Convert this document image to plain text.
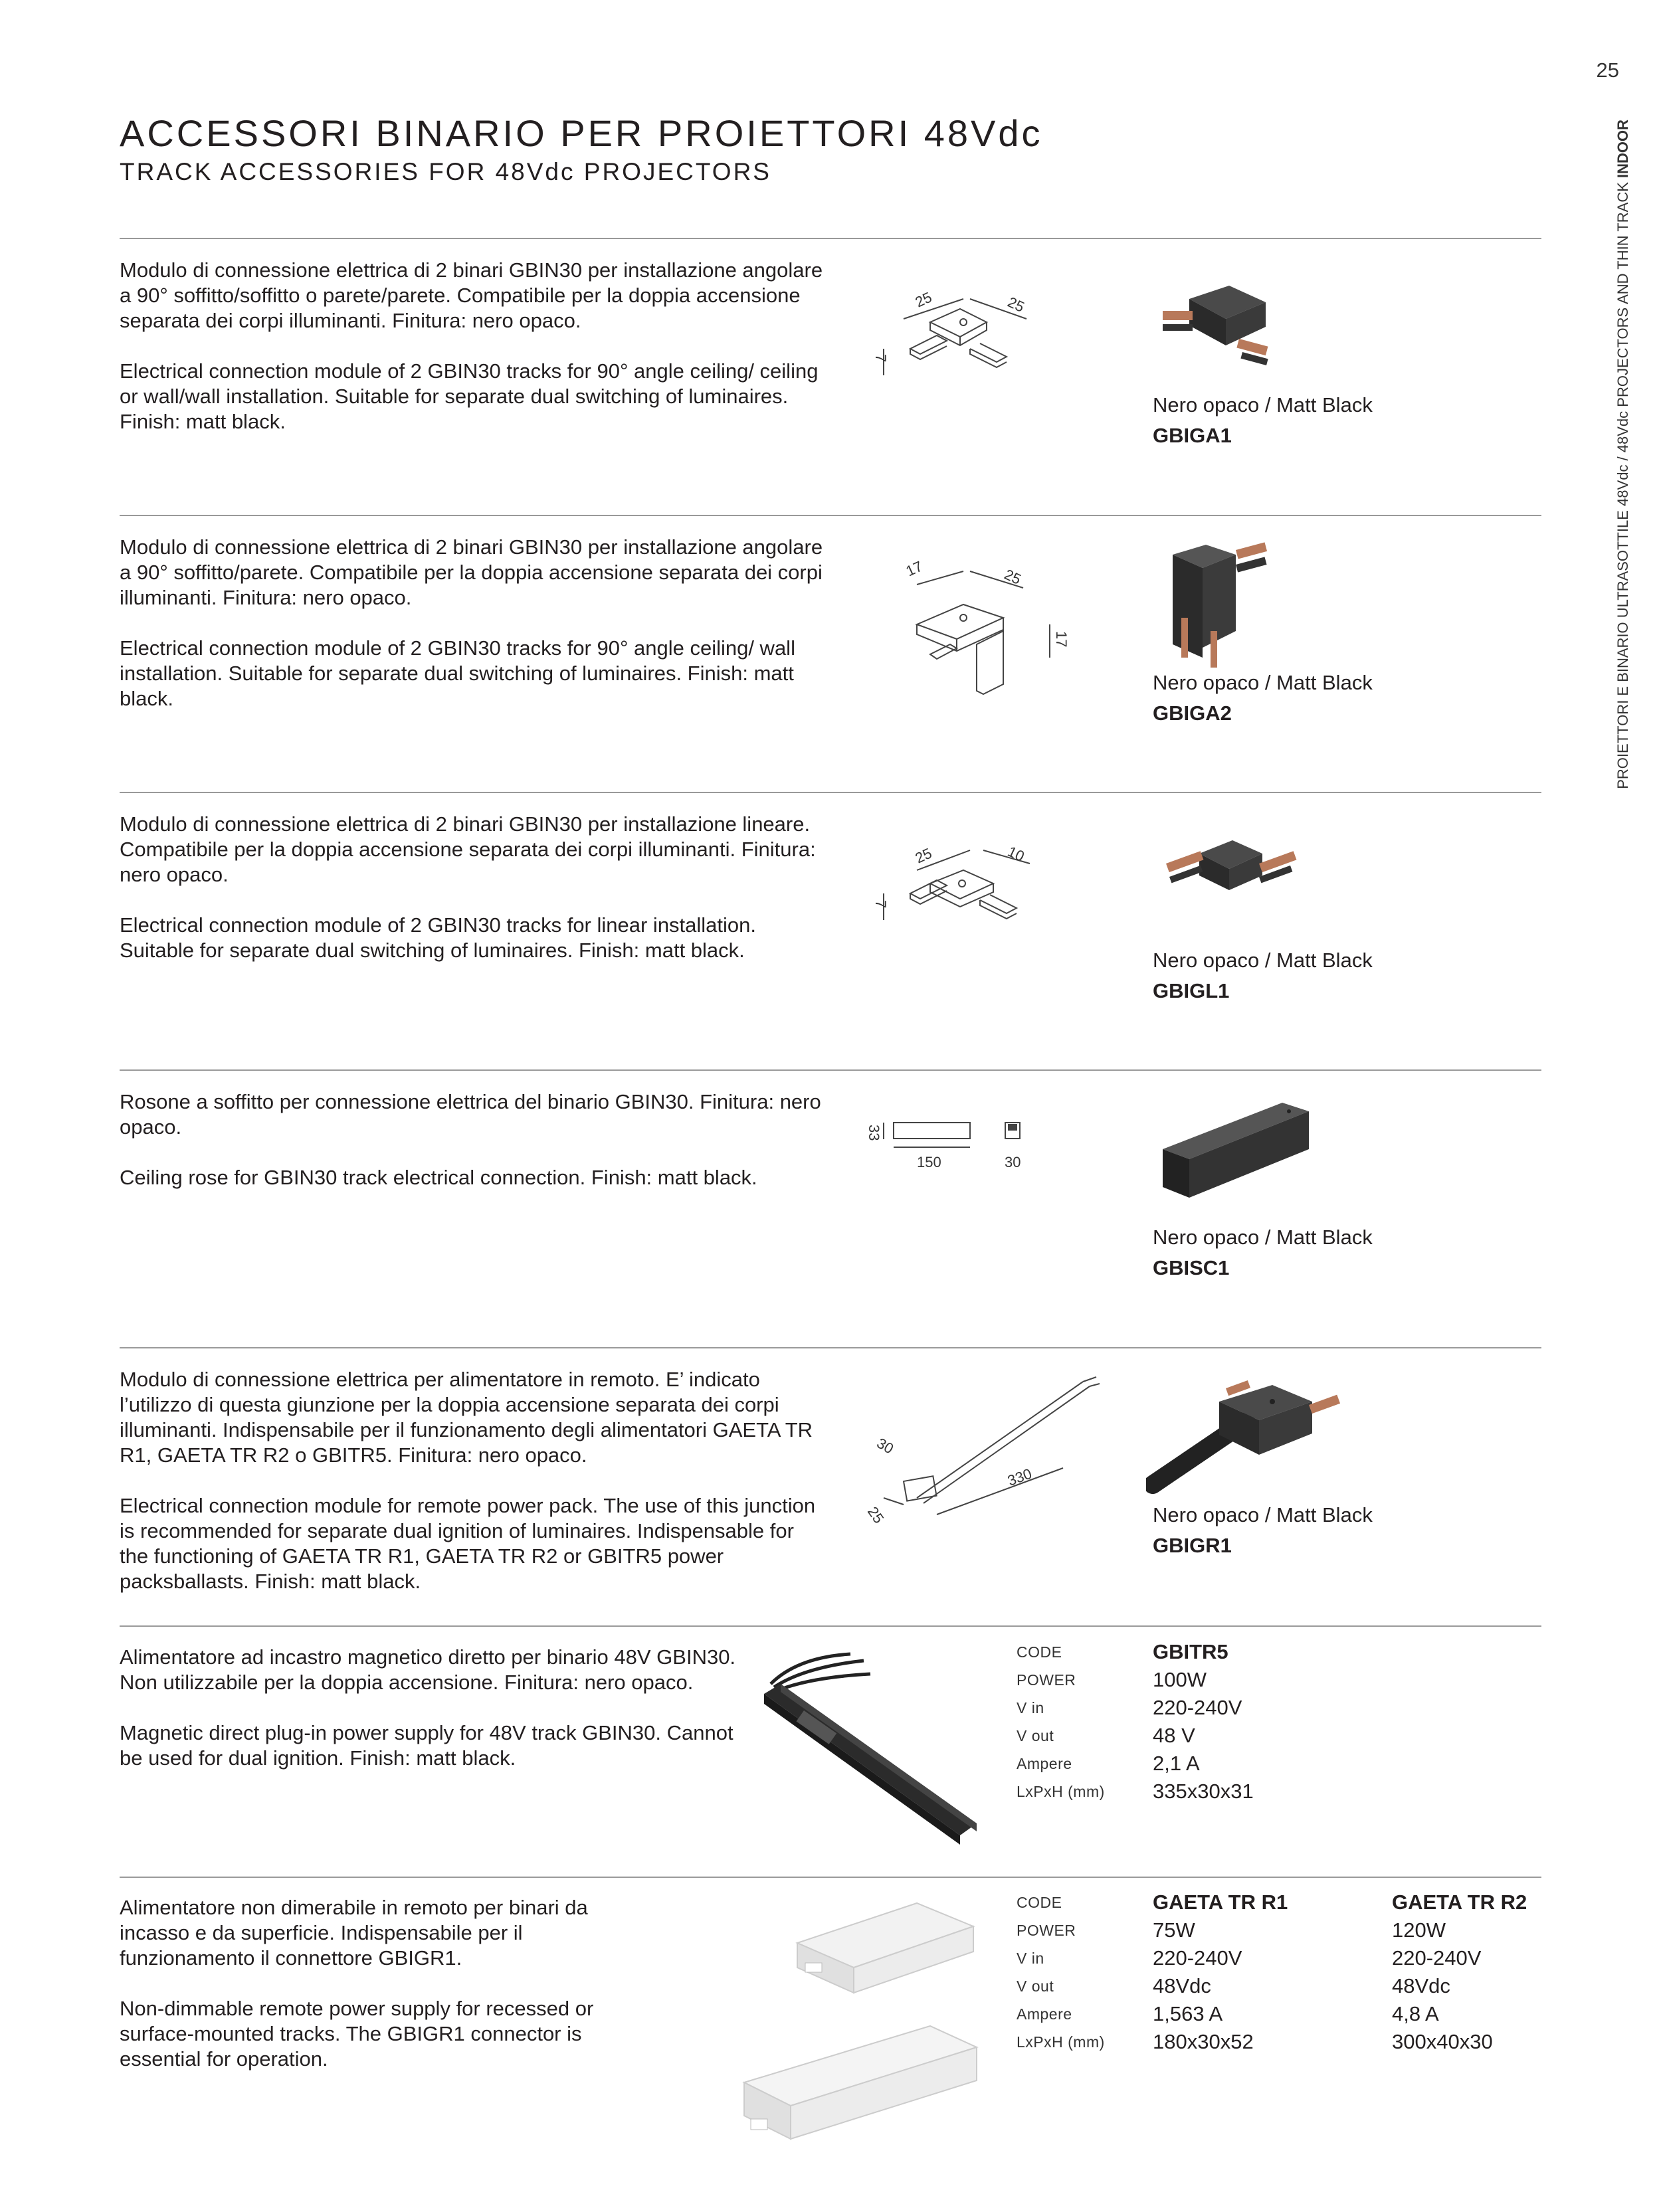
25
PROIETTORI E BINARIO ULTRASOTTILE 48Vdc / 48Vdc PROJECTORS AND THIN TRACK INDOOR
ACCESSORI BINARIO PER PROIETTORI 48Vdc
TRACK ACCESSORIES FOR 48Vdc PROJECTORS

Modulo di connessione elettrica di 2 binari GBIN30 per installazione angolare a 90° soffitto/soffitto o parete/parete. Compatibile per la doppia accensione separata dei corpi illuminanti. Finitura: nero opaco.

Electrical connection module of 2 GBIN30 tracks for 90° angle ceiling/ ceiling or wall/wall installation. Suitable for separate dual switching of luminaires. Finish: matt black.

25	25
7
Nero opaco / Matt Black
GBIGA1

Modulo di connessione elettrica di 2 binari GBIN30 per installazione angolare a 90° soffitto/parete. Compatibile per la doppia accensione separata dei corpi illuminanti. Finitura: nero opaco.

Electrical connection module of 2 GBIN30 tracks for 90° angle ceiling/ wall installation. Suitable for separate dual switching of luminaires. Finish: matt black.

17	25
17
Nero opaco / Matt Black
GBIGA2

Modulo di connessione elettrica di 2 binari GBIN30 per installazione lineare. Compatibile per la doppia accensione separata dei corpi illuminanti. Finitura: nero opaco.

Electrical connection module of 2 GBIN30 tracks for linear installation. Suitable for separate dual switching of luminaires. Finish: matt black.

25	10
7
Nero opaco / Matt Black
GBIGL1

Rosone a soffitto per connessione elettrica del binario GBIN30. Finitura: nero opaco.

Ceiling rose for GBIN30 track electrical connection. Finish: matt black.

33
150	30
Nero opaco / Matt Black
GBISC1

Modulo di connessione elettrica per alimentatore in remoto. E’ indicato l’utilizzo di questa giunzione per la doppia accensione separata dei corpi illuminanti. Indispensabile per il funzionamento degli alimentatori GAETA TR R1, GAETA TR R2 o GBITR5. Finitura: nero opaco.

Electrical connection module for remote power pack. The use of this junction is recommended for separate dual ignition of luminaires. Indispensable for the functioning of GAETA TR R1, GAETA TR R2 or GBITR5 power packsballasts. Finish: matt black.

30
330
25	Nero opaco / Matt Black
GBIGR1

Alimentatore ad incastro magnetico diretto per binario 48V GBIN30. Non utilizzabile per la doppia accensione. Finitura: nero opaco.

Magnetic direct plug-in power supply for 48V track GBIN30. Cannot be used for dual ignition. Finish: matt black.

CODE	GBITR5
POWER	100W
V in	220-240V
V out	48 V
Ampere	2,1 A
LxPxH (mm)	335x30x31

Alimentatore non dimerabile in remoto per binari da incasso e da superficie. Indispensabile per il funzionamento il connettore GBIGR1.

Non-dimmable remote power supply for recessed or surface-mounted tracks. The GBIGR1 connector is essential for operation.

CODE	GAETA TR R1	GAETA TR R2
POWER	75W	120W
V in	220-240V	220-240V
V out	48Vdc	48Vdc
Ampere	1,563 A	4,8 A
LxPxH (mm)	180x30x52	300x40x30
